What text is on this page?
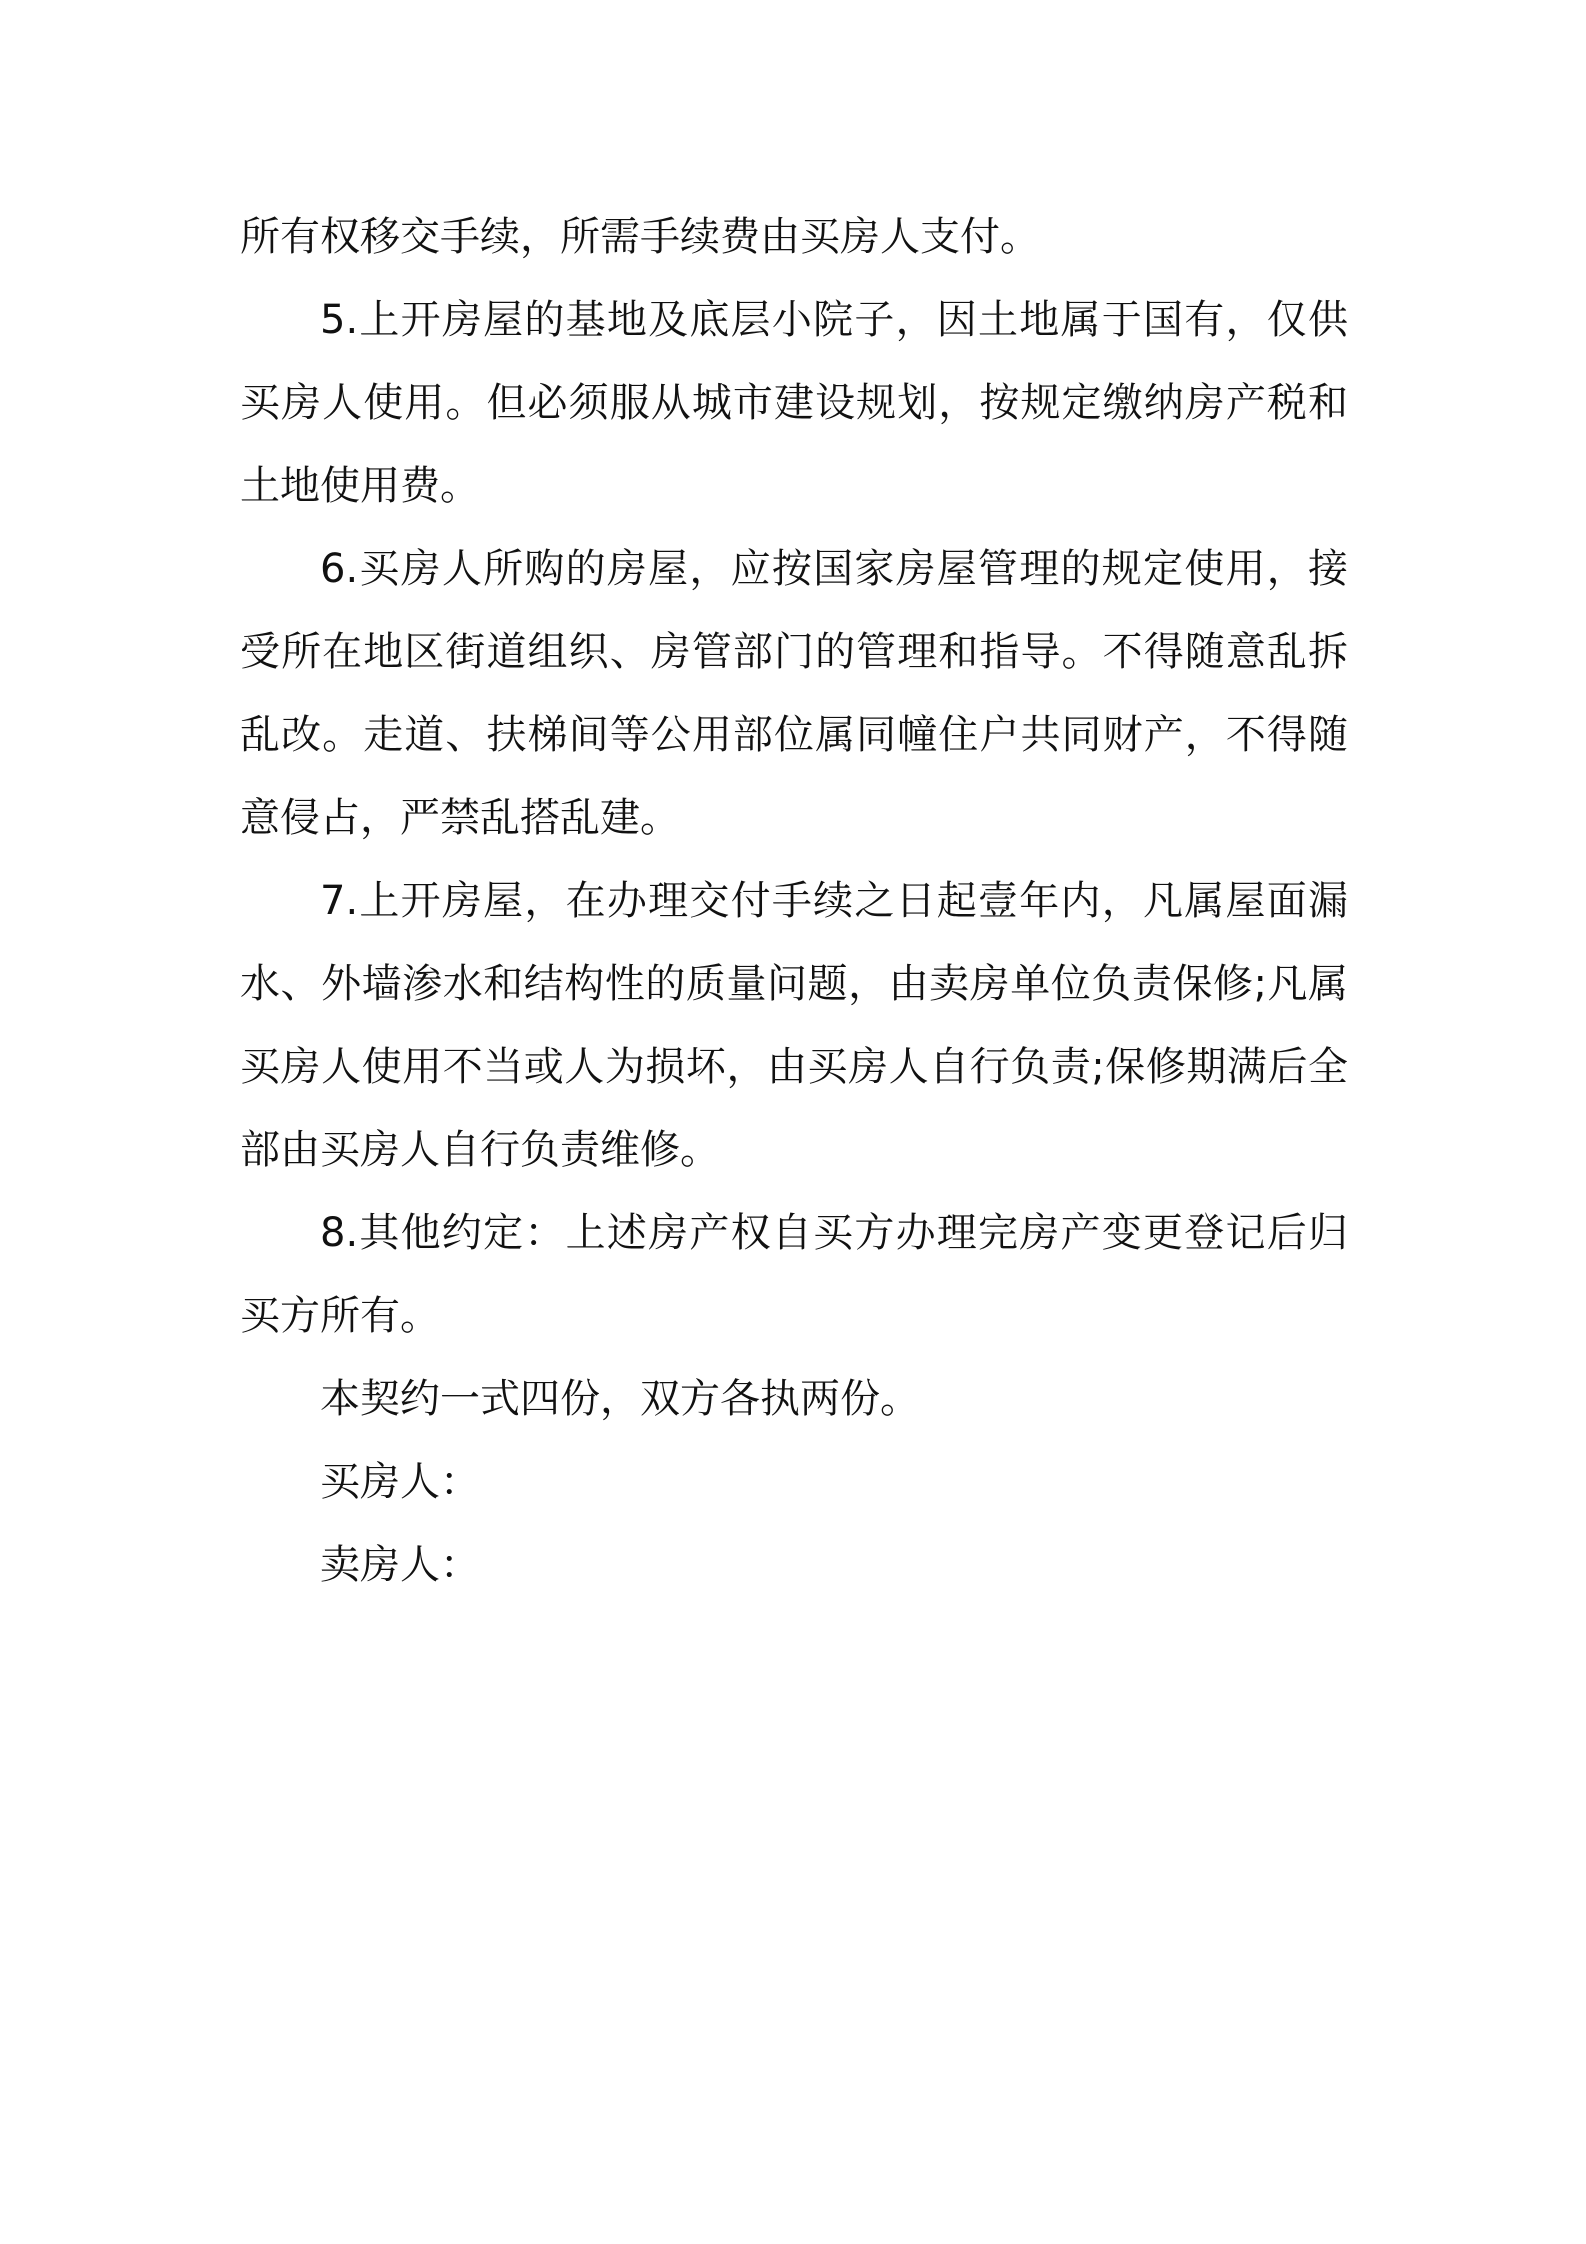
所有权移交手续，所需手续费由买房人支付。

5.上开房屋的基地及底层小院子，因土地属于国有，仅供买房人使用。但必须服从城市建设规划，按规定缴纳房产税和土地使用费。

6.买房人所购的房屋，应按国家房屋管理的规定使用，接受所在地区街道组织、房管部门的管理和指导。不得随意乱拆乱改。走道、扶梯间等公用部位属同幢住户共同财产，不得随意侵占，严禁乱搭乱建。

7.上开房屋，在办理交付手续之日起壹年内，凡属屋面漏水、外墙渗水和结构性的质量问题，由卖房单位负责保修;凡属买房人使用不当或人为损坏，由买房人自行负责;保修期满后全部由买房人自行负责维修。

8.其他约定：上述房产权自买方办理完房产变更登记后归买方所有。

本契约一式四份，双方各执两份。

买房人：

卖房人：
